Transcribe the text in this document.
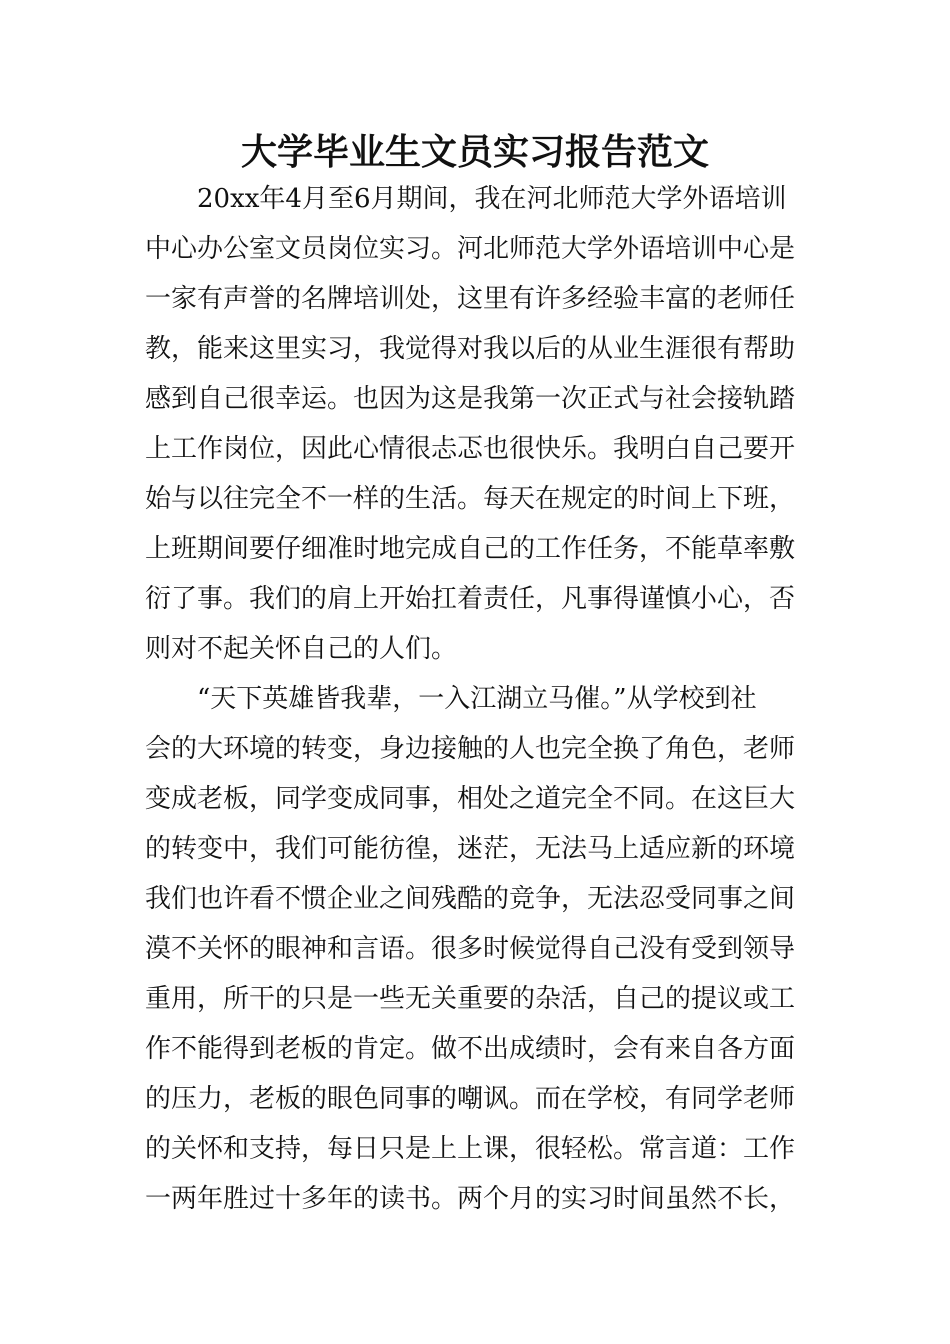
大学毕业生文员实习报告范文
20xx年4月至6月期间，我在河北师范大学外语培训
中心办公室文员岗位实习。河北师范大学外语培训中心是
一家有声誉的名牌培训处，这里有许多经验丰富的老师任
教，能来这里实习，我觉得对我以后的从业生涯很有帮助
感到自己很幸运。也因为这是我第一次正式与社会接轨踏
上工作岗位，因此心情很忐忑也很快乐。我明白自己要开
始与以往完全不一样的生活。每天在规定的时间上下班，
上班期间要仔细准时地完成自己的工作任务，不能草率敷
衍了事。我们的肩上开始扛着责任，凡事得谨慎小心，否
则对不起关怀自己的人们。
“天下英雄皆我辈，一入江湖立马催。”从学校到社
会的大环境的转变，身边接触的人也完全换了角色，老师
变成老板，同学变成同事，相处之道完全不同。在这巨大
的转变中，我们可能彷徨，迷茫，无法马上适应新的环境
我们也许看不惯企业之间残酷的竞争，无法忍受同事之间
漠不关怀的眼神和言语。很多时候觉得自己没有受到领导
重用，所干的只是一些无关重要的杂活，自己的提议或工
作不能得到老板的肯定。做不出成绩时，会有来自各方面
的压力，老板的眼色同事的嘲讽。而在学校，有同学老师
的关怀和支持，每日只是上上课，很轻松。常言道：工作
一两年胜过十多年的读书。两个月的实习时间虽然不长，
